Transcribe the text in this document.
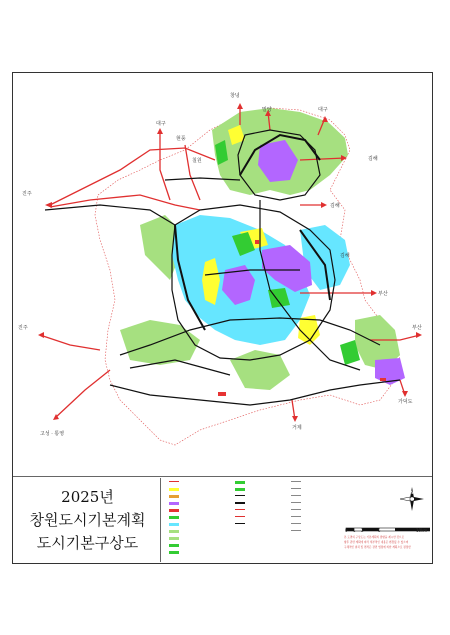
창녕
밀양	대구
대구
현풍
칠원	김해
김해
김해
진주
진주
부산
부산
고성 · 통영
거제
가덕도
2025년
창원도시기본계획
도시기본구상도
N
0 1 2	5	10km
본 도면의 구상도는 기본계획의 방향을 제시한 것으로
향후 관련 계획에 따라 세부적인 내용은 변경될 수 있으며
구체적인 위치 및 면적은 관련 법령에 의한 계획으로 결정함
